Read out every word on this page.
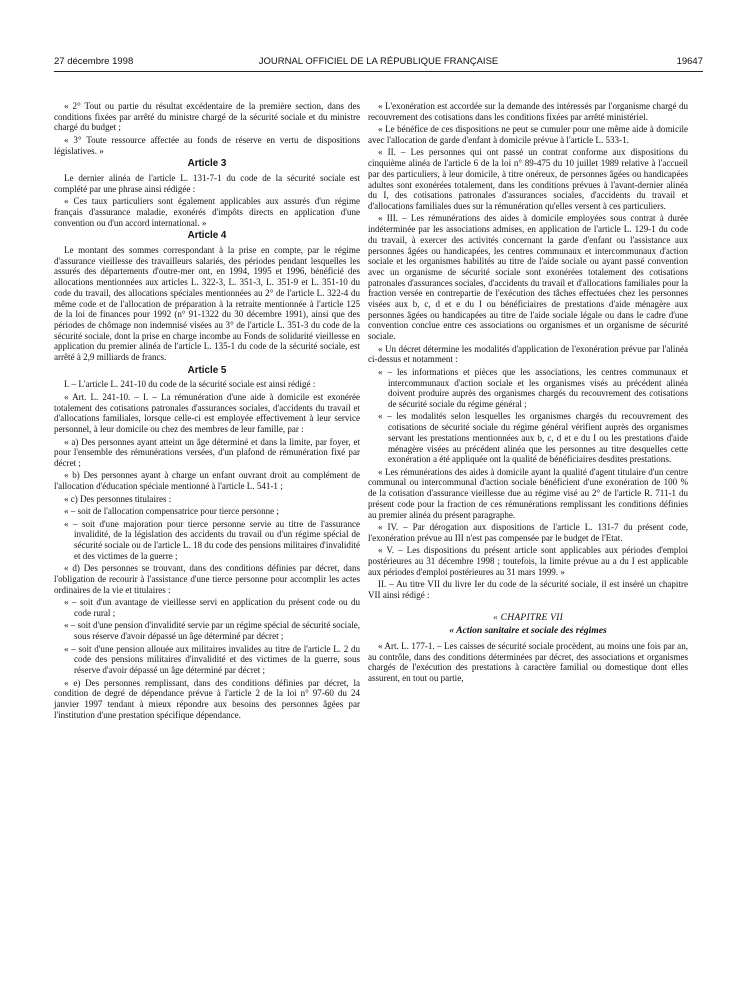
27 décembre 1998	JOURNAL OFFICIEL DE LA RÉPUBLIQUE FRANÇAISE	19647

« 2° Tout ou partie du résultat excédentaire de la première section, dans des conditions fixées par arrêté du ministre chargé de la sécurité sociale et du ministre chargé du budget ;

« 3° Toute ressource affectée au fonds de réserve en vertu de dispositions législatives. »

Article 3

Le dernier alinéa de l'article L. 131-7-1 du code de la sécurité sociale est complété par une phrase ainsi rédigée :

« Ces taux particuliers sont également applicables aux assurés d'un régime français d'assurance maladie, exonérés d'impôts directs en application d'une convention ou d'un accord international. »

Article 4

Le montant des sommes correspondant à la prise en compte, par le régime d'assurance vieillesse des travailleurs salariés, des périodes pendant lesquelles les assurés des départements d'outre-mer ont, en 1994, 1995 et 1996, bénéficié des allocations mentionnées aux articles L. 322-3, L. 351-3, L. 351-9 et L. 351-10 du code du travail, des allocations spéciales mentionnées au 2° de l'article L. 322-4 du même code et de l'allocation de préparation à la retraite mentionnée à l'article 125 de la loi de finances pour 1992 (n° 91-1322 du 30 décembre 1991), ainsi que des périodes de chômage non indemnisé visées au 3° de l'article L. 351-3 du code de la sécurité sociale, dont la prise en charge incombe au Fonds de solidarité vieillesse en application du premier alinéa de l'article L. 135-1 du code de la sécurité sociale, est arrêté à 2,9 milliards de francs.

Article 5

I. – L'article L. 241-10 du code de la sécurité sociale est ainsi rédigé :

« Art. L. 241-10. – I. – La rémunération d'une aide à domicile est exonérée totalement des cotisations patronales d'assurances sociales, d'accidents du travail et d'allocations familiales, lorsque celle-ci est employée effectivement à leur service personnel, à leur domicile ou chez des membres de leur famille, par :

« a) Des personnes ayant atteint un âge déterminé et dans la limite, par foyer, et pour l'ensemble des rémunérations versées, d'un plafond de rémunération fixé par décret ;

« b) Des personnes ayant à charge un enfant ouvrant droit au complément de l'allocation d'éducation spéciale mentionné à l'article L. 541-1 ;

« c) Des personnes titulaires :

« – soit de l'allocation compensatrice pour tierce personne ;

« – soit d'une majoration pour tierce personne servie au titre de l'assurance invalidité, de la législation des accidents du travail ou d'un régime spécial de sécurité sociale ou de l'article L. 18 du code des pensions militaires d'invalidité et des victimes de la guerre ;

« d) Des personnes se trouvant, dans des conditions définies par décret, dans l'obligation de recourir à l'assistance d'une tierce personne pour accomplir les actes ordinaires de la vie et titulaires :

« – soit d'un avantage de vieillesse servi en application du présent code ou du code rural ;

« – soit d'une pension d'invalidité servie par un régime spécial de sécurité sociale, sous réserve d'avoir dépassé un âge déterminé par décret ;

« – soit d'une pension allouée aux militaires invalides au titre de l'article L. 2 du code des pensions militaires d'invalidité et des victimes de la guerre, sous réserve d'avoir dépassé un âge déterminé par décret ;

« e) Des personnes remplissant, dans des conditions définies par décret, la condition de degré de dépendance prévue à l'article 2 de la loi n° 97-60 du 24 janvier 1997 tendant à mieux répondre aux besoins des personnes âgées par l'institution d'une prestation spécifique dépendance.

« L'exonération est accordée sur la demande des intéressés par l'organisme chargé du recouvrement des cotisations dans les conditions fixées par arrêté ministériel.

« Le bénéfice de ces dispositions ne peut se cumuler pour une même aide à domicile avec l'allocation de garde d'enfant à domicile prévue à l'article L. 533-1.

« II. – Les personnes qui ont passé un contrat conforme aux dispositions du cinquième alinéa de l'article 6 de la loi n° 89-475 du 10 juillet 1989 relative à l'accueil par des particuliers, à leur domicile, à titre onéreux, de personnes âgées ou handicapées adultes sont exonérées totalement, dans les conditions prévues à l'avant-dernier alinéa du I, des cotisations patronales d'assurances sociales, d'accidents du travail et d'allocations familiales dues sur la rémunération qu'elles versent à ces particuliers.

« III. – Les rémunérations des aides à domicile employées sous contrat à durée indéterminée par les associations admises, en application de l'article L. 129-1 du code du travail, à exercer des activités concernant la garde d'enfant ou l'assistance aux personnes âgées ou handicapées, les centres communaux et intercommunaux d'action sociale et les organismes habilités au titre de l'aide sociale ou ayant passé convention avec un organisme de sécurité sociale sont exonérées totalement des cotisations patronales d'assurances sociales, d'accidents du travail et d'allocations familiales pour la fraction versée en contrepartie de l'exécution des tâches effectuées chez les personnes visées aux b, c, d et e du I ou bénéficiaires de prestations d'aide ménagère aux personnes âgées ou handicapées au titre de l'aide sociale légale ou dans le cadre d'une convention conclue entre ces associations ou organismes et un organisme de sécurité sociale.

« Un décret détermine les modalités d'application de l'exonération prévue par l'alinéa ci-dessus et notamment :

« – les informations et pièces que les associations, les centres communaux et intercommunaux d'action sociale et les organismes visés au précédent alinéa doivent produire auprès des organismes chargés du recouvrement des cotisations de sécurité sociale du régime général ;

« – les modalités selon lesquelles les organismes chargés du recouvrement des cotisations de sécurité sociale du régime général vérifient auprès des organismes servant les prestations mentionnées aux b, c, d et e du I ou les prestations d'aide ménagère visées au précédent alinéa que les personnes au titre desquelles cette exonération a été appliquée ont la qualité de bénéficiaires desdites prestations.

« Les rémunérations des aides à domicile ayant la qualité d'agent titulaire d'un centre communal ou intercommunal d'action sociale bénéficient d'une exonération de 100 % de la cotisation d'assurance vieillesse due au régime visé au 2° de l'article R. 711-1 du présent code pour la fraction de ces rémunérations remplissant les conditions définies au premier alinéa du présent paragraphe.

« IV. – Par dérogation aux dispositions de l'article L. 131-7 du présent code, l'exonération prévue au III n'est pas compensée par le budget de l'Etat.

« V. – Les dispositions du présent article sont applicables aux périodes d'emploi postérieures au 31 décembre 1998 ; toutefois, la limite prévue au a du I est applicable aux périodes d'emploi postérieures au 31 mars 1999. »

II. – Au titre VII du livre Ier du code de la sécurité sociale, il est inséré un chapitre VII ainsi rédigé :

« CHAPITRE VII
« Action sanitaire et sociale des régimes

« Art. L. 177-1. – Les caisses de sécurité sociale procèdent, au moins une fois par an, au contrôle, dans des conditions déterminées par décret, des associations et organismes chargés de l'exécution des prestations à caractère familial ou domestique dont elles assurent, en tout ou partie,
